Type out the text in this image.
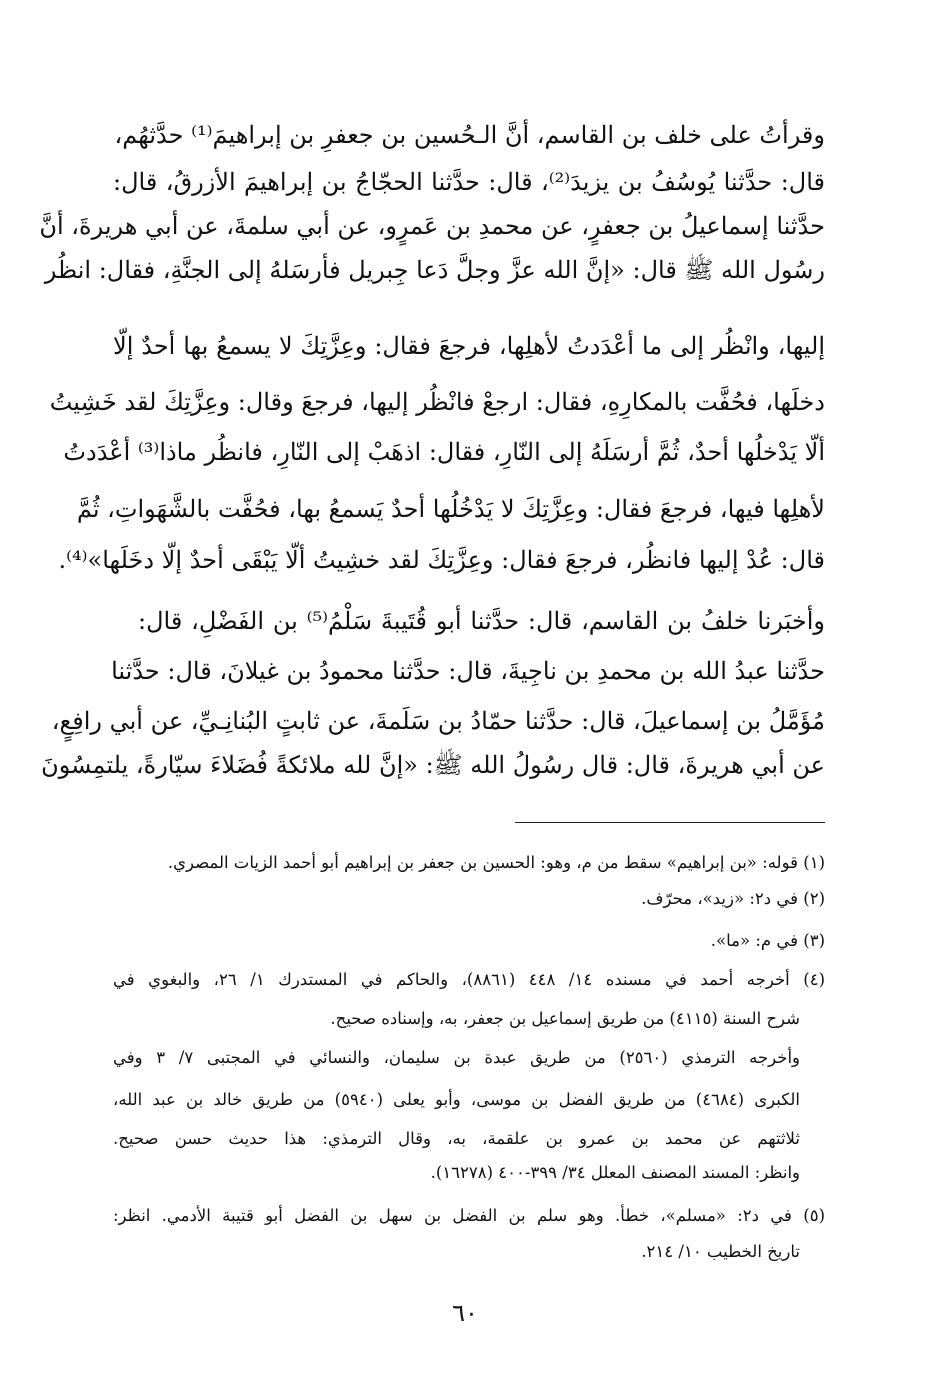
وقرأتُ على خلف بن القاسم، أنَّ الـحُسين بن جعفرِ بن إبراهيمَ⁽¹⁾ حدَّثهُم،
قال: حدَّثنا يُوسُفُ بن يزيدَ⁽²⁾، قال: حدَّثنا الحجّاجُ بن إبراهيمَ الأزرقُ، قال:
حدَّثنا إسماعيلُ بن جعفرٍ، عن محمدِ بن عَمرٍو، عن أبي سلمةَ، عن أبي هريرةَ، أنَّ
رسُول الله ﷺ قال: «إنَّ الله عزَّ وجلَّ دَعا جِبريل فأرسَلهُ إلى الجنَّةِ، فقال: انظُر
إليها، وانْظُر إلى ما أعْدَدتُ لأهلِها، فرجعَ فقال: وعِزَّتِكَ لا يسمعُ بها أحدٌ إلّا
دخلَها، فحُفَّت بالمكارِهِ، فقال: ارجعْ فانْظُر إليها، فرجعَ وقال: وعِزَّتِكَ لقد خَشِيتُ
ألّا يَدْخلُها أحدٌ، ثُمَّ أرسَلَهُ إلى النّارِ، فقال: اذهَبْ إلى النّارِ، فانظُر ماذا⁽³⁾ أعْدَدتُ
لأهلِها فيها، فرجعَ فقال: وعِزَّتِكَ لا يَدْخُلُها أحدٌ يَسمعُ بها، فحُفَّت بالشَّهَواتِ، ثُمَّ
قال: عُدْ إليها فانظُر، فرجعَ فقال: وعِزَّتِكَ لقد خشِيتُ ألّا يَبْقَى أحدٌ إلّا دخَلَها»⁽⁴⁾.
وأخبَرنا خلفُ بن القاسم، قال: حدَّثنا أبو قُتَيبةَ سَلْمُ⁽⁵⁾ بن الفَضْلِ، قال:
حدَّثنا عبدُ الله بن محمدِ بن ناجِيةَ، قال: حدَّثنا محمودُ بن غيلانَ، قال: حدَّثنا
مُؤَمَّلُ بن إسماعيلَ، قال: حدَّثنا حمّادُ بن سَلَمةَ، عن ثابتٍ البُنانِـيِّ، عن أبي رافِعٍ،
عن أبي هريرةَ، قال: قال رسُولُ الله ﷺ: «إنَّ لله ملائكةً فُضَلاءَ سيّارةً، يلتمِسُونَ
(١) قوله: «بن إبراهيم» سقط من م، وهو: الحسين بن جعفر بن إبراهيم أبو أحمد الزيات المصري.
(٢) في د٢: «زيد»، محرّف.
(٣) في م: «ما».
(٤) أخرجه أحمد في مسنده ١٤/ ٤٤٨ (٨٨٦١)، والحاكم في المستدرك ١/ ٢٦، والبغوي في
شرح السنة (٤١١٥) من طريق إسماعيل بن جعفر، به، وإسناده صحيح.
وأخرجه الترمذي (٢٥٦٠) من طريق عبدة بن سليمان، والنسائي في المجتبى ٧/ ٣ وفي
الكبرى (٤٦٨٤) من طريق الفضل بن موسى، وأبو يعلى (٥٩٤٠) من طريق خالد بن عبد الله،
ثلاثتهم عن محمد بن عمرو بن علقمة، به، وقال الترمذي: هذا حديث حسن صحيح.
وانظر: المسند المصنف المعلل ٣٤/ ٣٩٩-٤٠٠ (١٦٢٧٨).
(٥) في د٢: «مسلم»، خطأ. وهو سلم بن الفضل بن سهل بن الفضل أبو قتيبة الأدمي. انظر:
تاريخ الخطيب ١٠/ ٢١٤.
٦٠
